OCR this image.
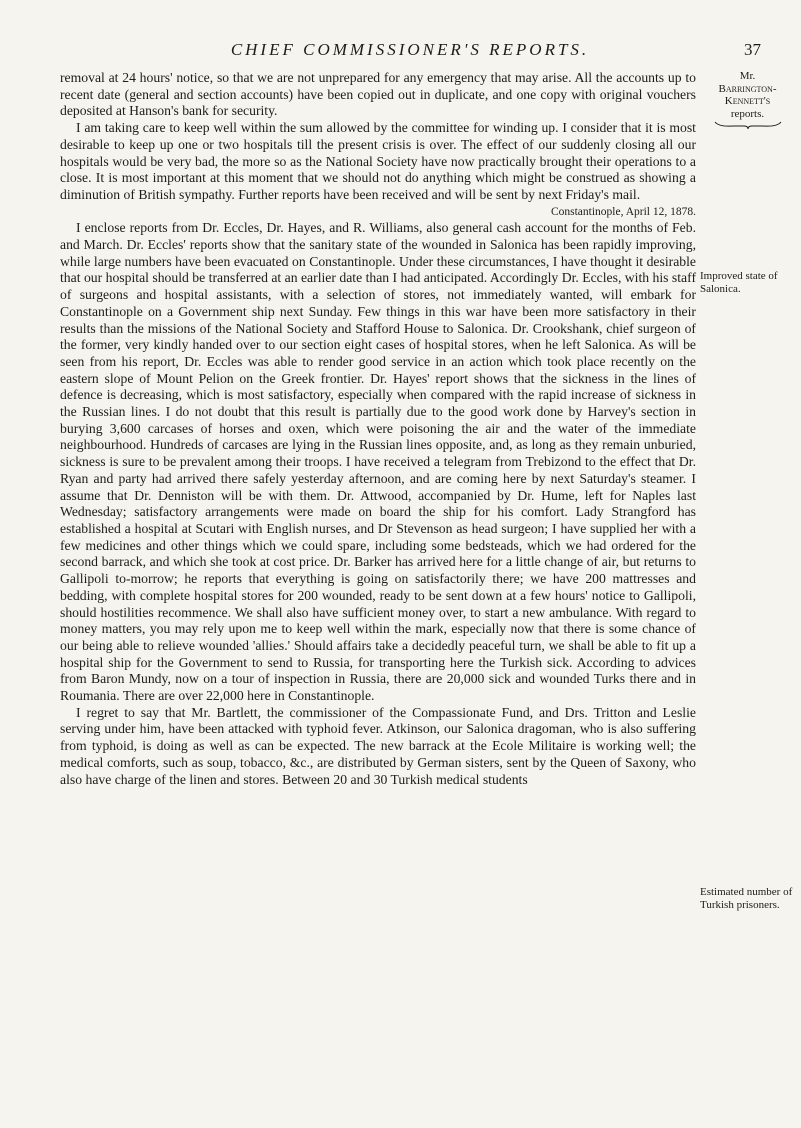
CHIEF COMMISSIONER'S REPORTS.	37
Mr.
Barrington-
Kennett's
reports.
Improved state of Salonica.
Estimated number of Turkish prisoners.

removal at 24 hours' notice, so that we are not unprepared for any emergency that may arise. All the accounts up to recent date (general and section accounts) have been copied out in duplicate, and one copy with original vouchers deposited at Hanson's bank for security.

I am taking care to keep well within the sum allowed by the committee for winding up. I consider that it is most desirable to keep up one or two hospitals till the present crisis is over. The effect of our suddenly closing all our hospitals would be very bad, the more so as the National Society have now practically brought their operations to a close. It is most important at this moment that we should not do anything which might be construed as showing a diminution of British sympathy. Further reports have been received and will be sent by next Friday's mail.

Constantinople, April 12, 1878.

I enclose reports from Dr. Eccles, Dr. Hayes, and R. Williams, also general cash account for the months of Feb. and March. Dr. Eccles' reports show that the sanitary state of the wounded in Salonica has been rapidly improving, while large numbers have been evacuated on Constantinople. Under these circumstances, I have thought it desirable that our hospital should be transferred at an earlier date than I had anticipated. Accordingly Dr. Eccles, with his staff of surgeons and hospital assistants, with a selection of stores, not immediately wanted, will embark for Constantinople on a Government ship next Sunday. Few things in this war have been more satisfactory in their results than the missions of the National Society and Stafford House to Salonica. Dr. Crookshank, chief surgeon of the former, very kindly handed over to our section eight cases of hospital stores, when he left Salonica. As will be seen from his report, Dr. Eccles was able to render good service in an action which took place recently on the eastern slope of Mount Pelion on the Greek frontier. Dr. Hayes' report shows that the sickness in the lines of defence is decreasing, which is most satisfactory, especially when compared with the rapid increase of sickness in the Russian lines. I do not doubt that this result is partially due to the good work done by Harvey's section in burying 3,600 carcases of horses and oxen, which were poisoning the air and the water of the immediate neighbourhood. Hundreds of carcases are lying in the Russian lines opposite, and, as long as they remain unburied, sickness is sure to be prevalent among their troops. I have received a telegram from Trebizond to the effect that Dr. Ryan and party had arrived there safely yesterday afternoon, and are coming here by next Saturday's steamer. I assume that Dr. Denniston will be with them. Dr. Attwood, accompanied by Dr. Hume, left for Naples last Wednesday; satisfactory arrangements were made on board the ship for his comfort. Lady Strangford has established a hospital at Scutari with English nurses, and Dr Stevenson as head surgeon; I have supplied her with a few medicines and other things which we could spare, including some bedsteads, which we had ordered for the second barrack, and which she took at cost price. Dr. Barker has arrived here for a little change of air, but returns to Gallipoli to-morrow; he reports that everything is going on satisfactorily there; we have 200 mattresses and bedding, with complete hospital stores for 200 wounded, ready to be sent down at a few hours' notice to Gallipoli, should hostilities recommence. We shall also have sufficient money over, to start a new ambulance. With regard to money matters, you may rely upon me to keep well within the mark, especially now that there is some chance of our being able to relieve wounded 'allies.' Should affairs take a decidedly peaceful turn, we shall be able to fit up a hospital ship for the Government to send to Russia, for transporting here the Turkish sick. According to advices from Baron Mundy, now on a tour of inspection in Russia, there are 20,000 sick and wounded Turks there and in Roumania. There are over 22,000 here in Constantinople.

I regret to say that Mr. Bartlett, the commissioner of the Compassionate Fund, and Drs. Tritton and Leslie serving under him, have been attacked with typhoid fever. Atkinson, our Salonica dragoman, who is also suffering from typhoid, is doing as well as can be expected. The new barrack at the Ecole Militaire is working well; the medical comforts, such as soup, tobacco, &c., are distributed by German sisters, sent by the Queen of Saxony, who also have charge of the linen and stores. Between 20 and 30 Turkish medical students
